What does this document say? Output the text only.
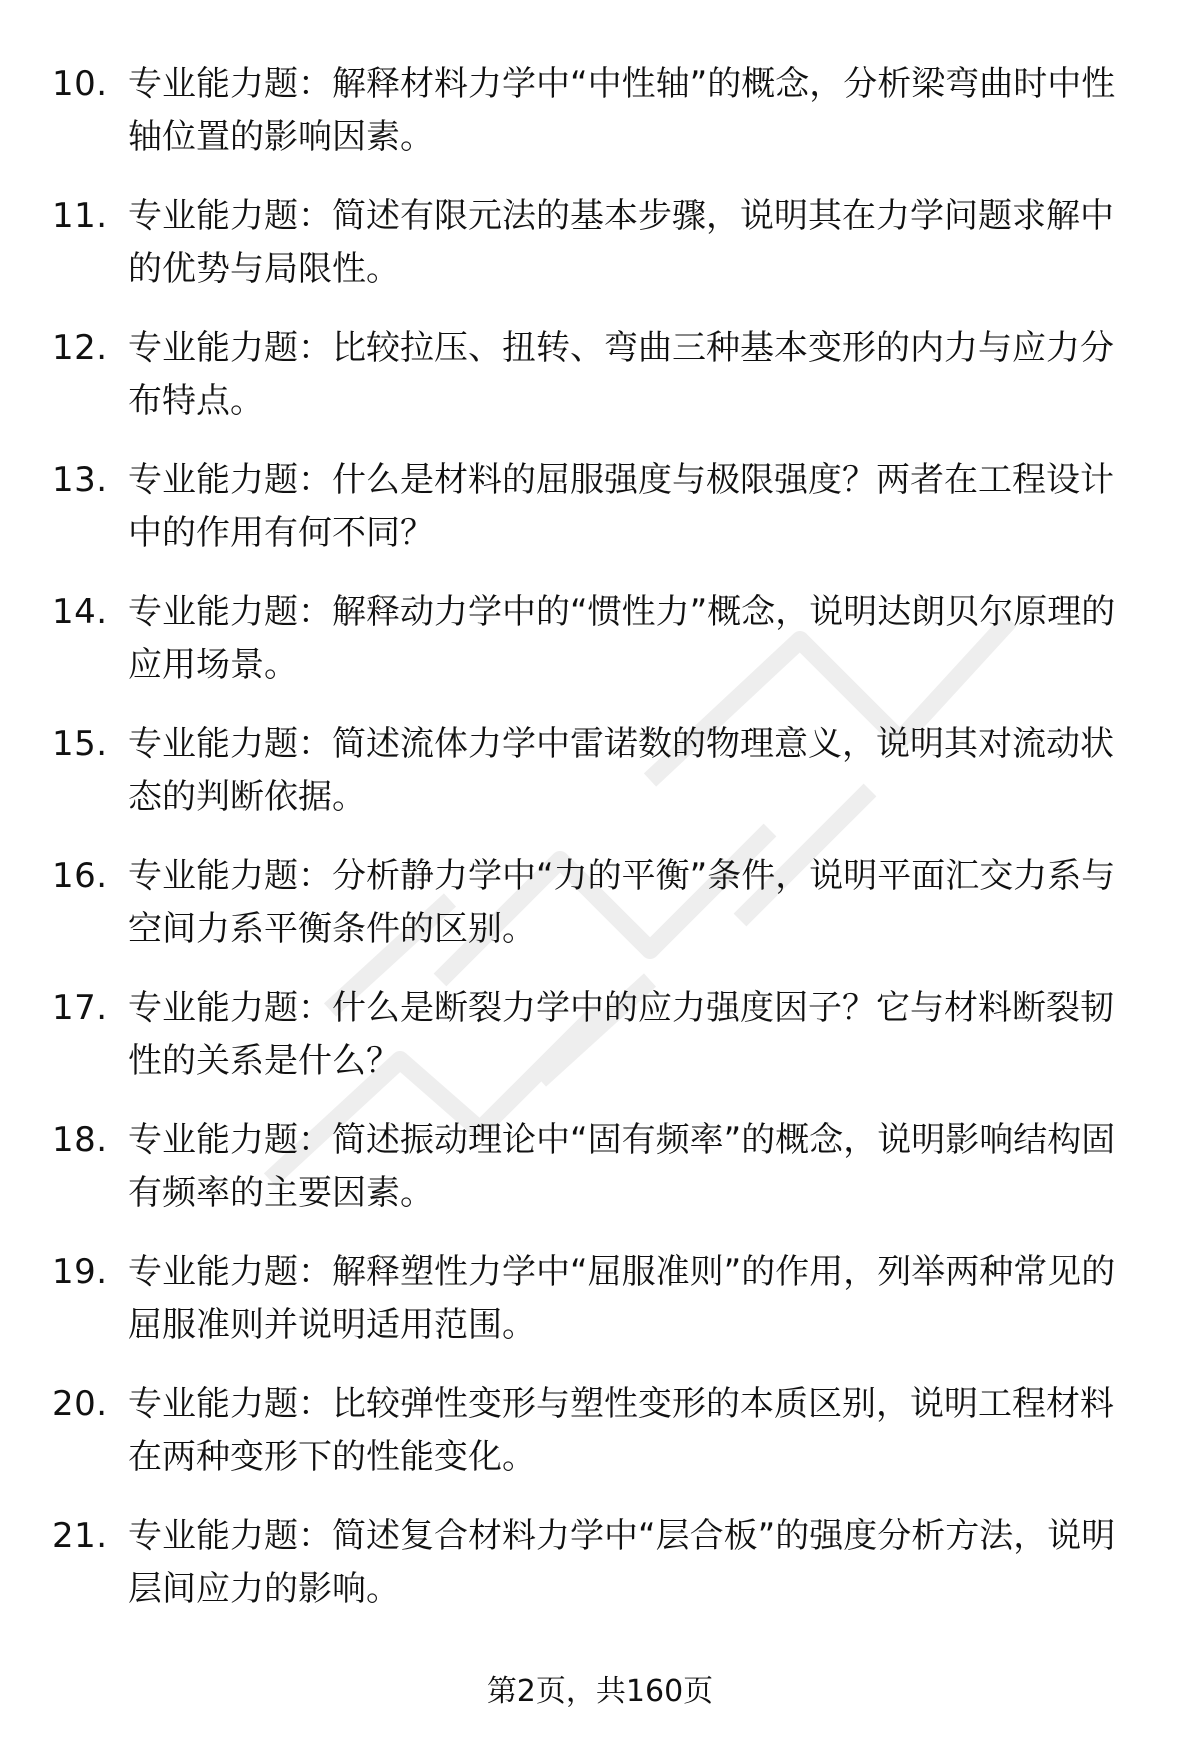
10. 专业能力题：解释材料力学中“中性轴”的概念，分析梁弯曲时中性轴位置的影响因素。
11. 专业能力题：简述有限元法的基本步骤，说明其在力学问题求解中的优势与局限性。
12. 专业能力题：比较拉压、扭转、弯曲三种基本变形的内力与应力分布特点。
13. 专业能力题：什么是材料的屈服强度与极限强度？两者在工程设计中的作用有何不同？
14. 专业能力题：解释动力学中的“惯性力”概念，说明达朗贝尔原理的应用场景。
15. 专业能力题：简述流体力学中雷诺数的物理意义，说明其对流动状态的判断依据。
16. 专业能力题：分析静力学中“力的平衡”条件，说明平面汇交力系与空间力系平衡条件的区别。
17. 专业能力题：什么是断裂力学中的应力强度因子？它与材料断裂韧性的关系是什么？
18. 专业能力题：简述振动理论中“固有频率”的概念，说明影响结构固有频率的主要因素。
19. 专业能力题：解释塑性力学中“屈服准则”的作用，列举两种常见的屈服准则并说明适用范围。
20. 专业能力题：比较弹性变形与塑性变形的本质区别，说明工程材料在两种变形下的性能变化。
21. 专业能力题：简述复合材料力学中“层合板”的强度分析方法，说明层间应力的影响。
第2页，共160页
